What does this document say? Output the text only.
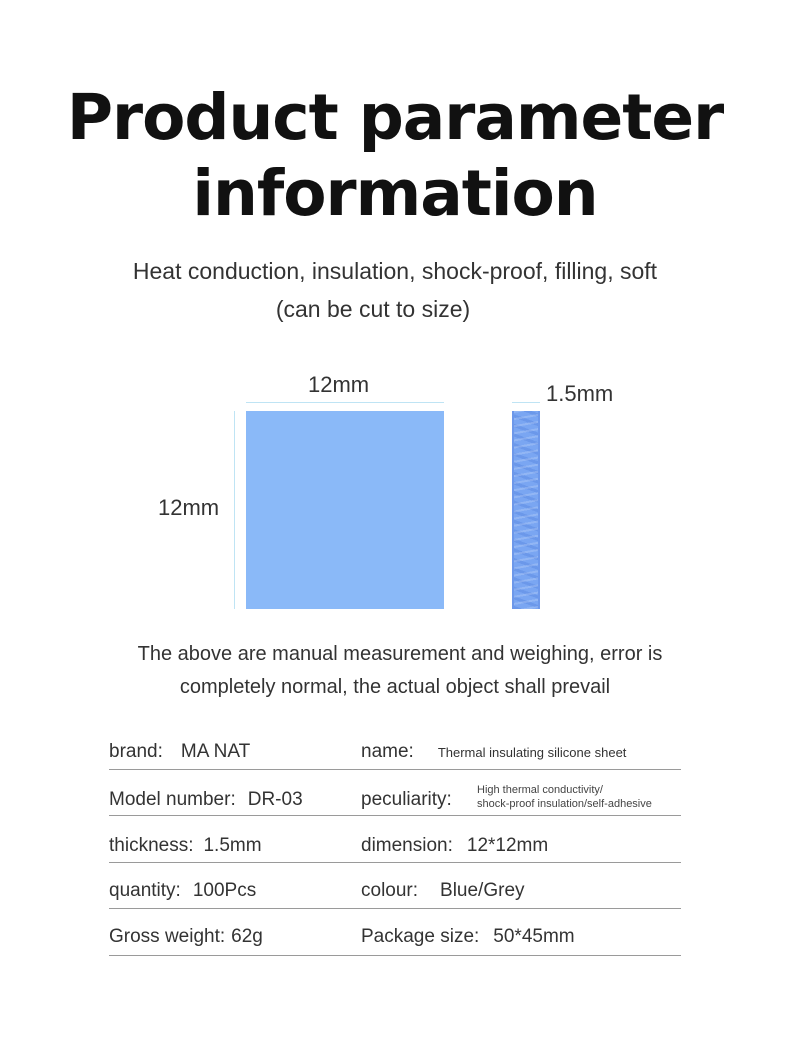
Product parameter
information
Heat conduction, insulation, shock-proof, filling, soft
(can be cut to size)
12mm
12mm
1.5mm
The above are manual measurement and weighing, error is
completely normal, the actual object shall prevail
brand: MA NAT	name: Thermal insulating silicone sheet
Model number: DR-03	peculiarity: High thermal conductivity/
shock-proof insulation/self-adhesive
thickness: 1.5mm	dimension: 12*12mm
quantity: 100Pcs	colour: Blue/Grey
Gross weight: 62g	Package size: 50*45mm
